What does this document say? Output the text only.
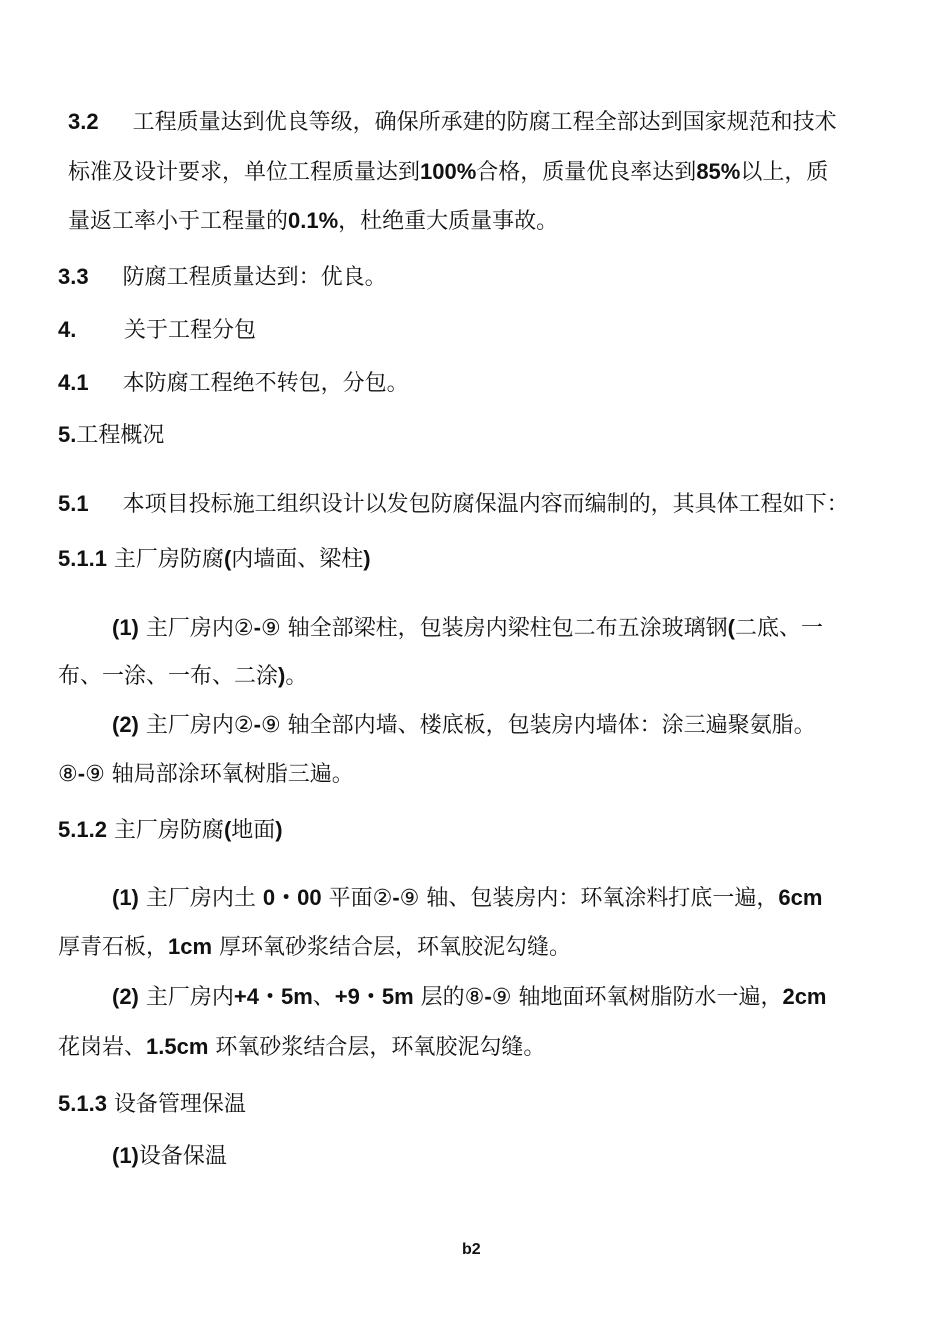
3.2 工程质量达到优良等级，确保所承建的防腐工程全部达到国家规范和技术
标准及设计要求，单位工程质量达到100%合格，质量优良率达到85%以上，质
量返工率小于工程量的0.1%，杜绝重大质量事故。
3.3 防腐工程质量达到：优良。
4. 关于工程分包
4.1 本防腐工程绝不转包，分包。
5.工程概况
5.1 本项目投标施工组织设计以发包防腐保温内容而编制的，其具体工程如下：
5.1.1 主厂房防腐(内墙面、梁柱)
(1) 主厂房内②-⑨ 轴全部梁柱，包装房内梁柱包二布五涂玻璃钢(二底、一
布、一涂、一布、二涂)。
(2) 主厂房内②-⑨ 轴全部内墙、楼底板，包装房内墙体：涂三遍聚氨脂。
⑧-⑨ 轴局部涂环氧树脂三遍。
5.1.2 主厂房防腐(地面)
(1) 主厂房内土 0・00 平面②-⑨ 轴、包装房内：环氧涂料打底一遍，6cm
厚青石板，1cm 厚环氧砂浆结合层，环氧胶泥勾缝。
(2) 主厂房内+4・5m、+9・5m 层的⑧-⑨ 轴地面环氧树脂防水一遍，2cm
花岗岩、1.5cm 环氧砂浆结合层，环氧胶泥勾缝。
5.1.3 设备管理保温
(1)设备保温
b2
